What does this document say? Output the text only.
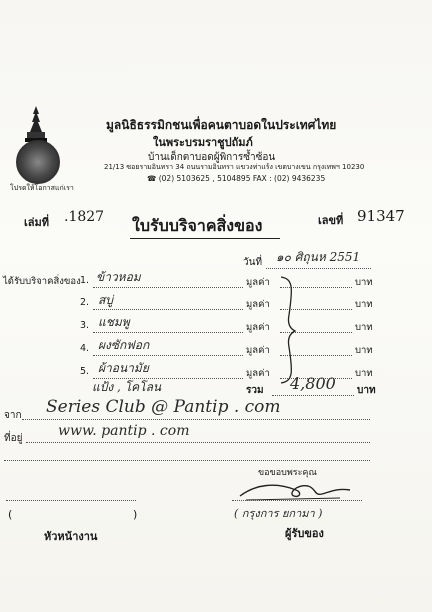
โปรดให้โอกาสแก่เรา
มูลนิธิธรรมิกชนเพื่อคนตาบอดในประเทศไทย
ในพระบรมราชูปถัมภ์
บ้านเด็กตาบอดผู้พิการซ้ำซ้อน
21/13 ซอยรามอินทรา 34 ถนนรามอินทรา แขวงท่าแร้ง เขตบางเขน กรุงเทพฯ 10230
☎ (02) 5103625 , 5104895 FAX : (02) 9436235
เล่มที่ .1827	เลขที่ 91347
ใบรับบริจาคสิ่งของ
วันที่ ๑๐ ศิถุนห 2551
ได้รับบริจาคสิ่งของ 1. ข้าวหอม	มูลค่า	บาท
2. สบู่	มูลค่า	บาท
3. แชมพู	มูลค่า	บาท
4. ผงซักฟอก	มูลค่า	บาท
5. ผ้าอนามัย	มูลค่า	บาท
แป้ง , โคโลน	รวม 4,800 บาท
จาก Series Club @ Pantip . com
ที่อยู่	www. pantip . com
ขอขอบพระคุณ
( กรุงการ ยกามา )
ผู้รับของ
(	)
หัวหน้างาน
